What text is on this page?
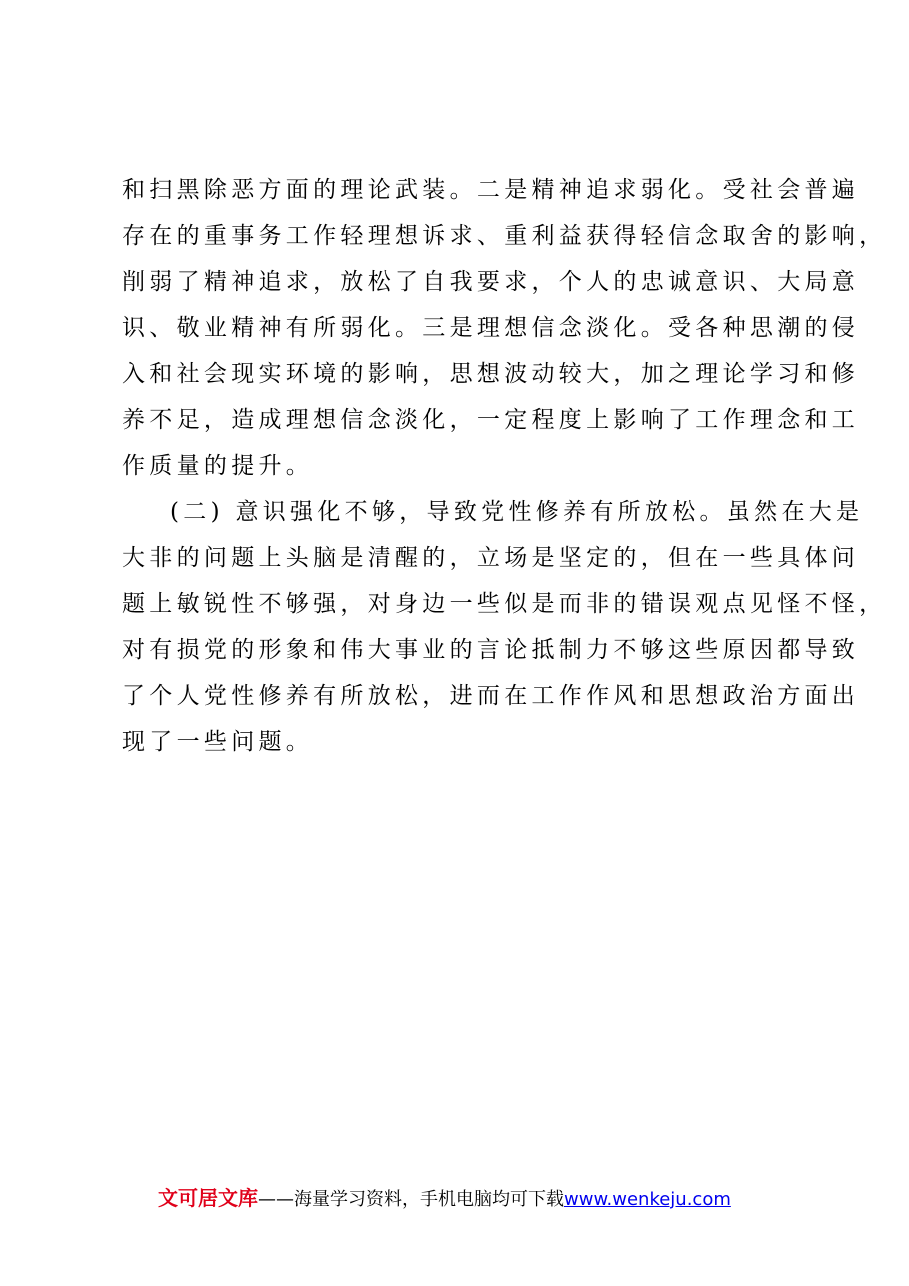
和扫黑除恶方面的理论武装。二是精神追求弱化。受社会普遍
存在的重事务工作轻理想诉求、重利益获得轻信念取舍的影响，
削弱了精神追求，放松了自我要求，个人的忠诚意识、大局意
识、敬业精神有所弱化。三是理想信念淡化。受各种思潮的侵
入和社会现实环境的影响，思想波动较大，加之理论学习和修
养不足，造成理想信念淡化，一定程度上影响了工作理念和工
作质量的提升。
(二) 意识强化不够，导致党性修养有所放松。虽然在大是
大非的问题上头脑是清醒的，立场是坚定的，但在一些具体问
题上敏锐性不够强，对身边一些似是而非的错误观点见怪不怪，
对有损党的形象和伟大事业的言论抵制力不够这些原因都导致
了个人党性修养有所放松，进而在工作作风和思想政治方面出
现了一些问题。
文可居文库——海量学习资料，手机电脑均可下载www.wenkeju.com
